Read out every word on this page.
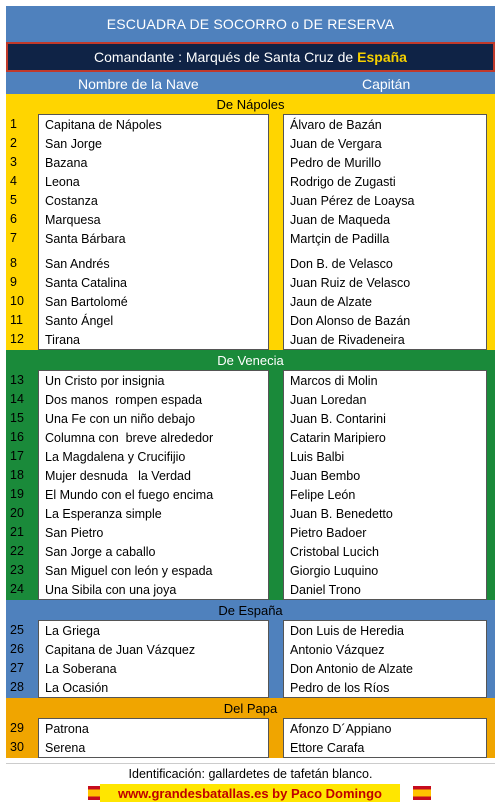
ESCUADRA DE SOCORRO o DE RESERVA
Comandante : Marqués de Santa Cruz de España
Nombre de la Nave	Capitán
De Nápoles
1
2
3
4
5
6
7
8
9
10
11
12
Capitana de Nápoles
San Jorge
Bazana
Leona
Costanza
Marquesa
Santa Bárbara
San Andrés
Santa Catalina
San Bartolomé
Santo Ángel
Tirana
Álvaro de Bazán
Juan de Vergara
Pedro de Murillo
Rodrigo de Zugasti
Juan Pérez de Loaysa
Juan de Maqueda
Martçin de Padilla
Don B. de Velasco
Juan Ruiz de Velasco
Jaun de Alzate
Don Alonso de Bazán
Juan de Rivadeneira
De Venecia
13
14
15
16
17
18
19
20
21
22
23
24
Un Cristo por insignia
Dos manos  rompen espada
Una Fe con un niño debajo
Columna con  breve alrededor
La Magdalena y Crucifijio
Mujer desnuda   la Verdad
El Mundo con el fuego encima
La Esperanza simple
San Pietro
San Jorge a caballo
San Miguel con león y espada
Una Sibila con una joya
Marcos di Molin
Juan Loredan
Juan B. Contarini
Catarin Maripiero
Luis Balbi
Juan Bembo
Felipe León
Juan B. Benedetto
Pietro Badoer
Cristobal Lucich
Giorgio Luquino
Daniel Trono
De España
25
26
27
28
La Griega
Capitana de Juan Vázquez
La Soberana
La Ocasión
Don Luis de Heredia
Antonio Vázquez
Don Antonio de Alzate
Pedro de los Ríos
Del Papa
29
30
Patrona
Serena
Afonzo D´Appiano
Ettore Carafa
Identificación: gallardetes de tafetán blanco.
www.grandesbatallas.es by Paco Domingo
